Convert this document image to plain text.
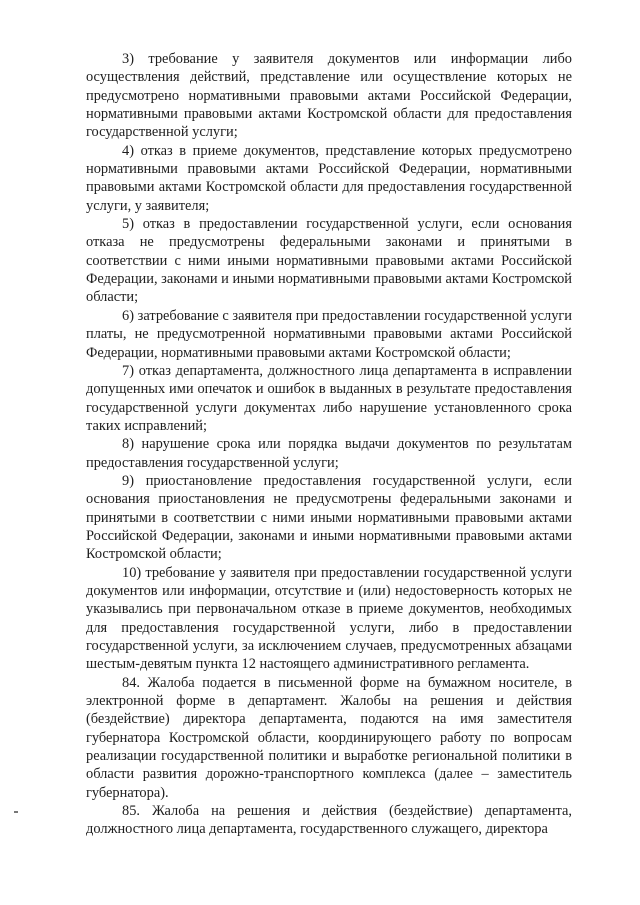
3) требование у заявителя документов или информации либо осуществления действий, представление или осуществление которых не предусмотрено нормативными правовыми актами Российской Федерации, нормативными правовыми актами Костромской области для предоставления государственной услуги;

4) отказ в приеме документов, представление которых предусмотрено нормативными правовыми актами Российской Федерации, нормативными правовыми актами Костромской области для предоставления государственной услуги, у заявителя;

5) отказ в предоставлении государственной услуги, если основания отказа не предусмотрены федеральными законами и принятыми в соответствии с ними иными нормативными правовыми актами Российской Федерации, законами и иными нормативными правовыми актами Костромской области;

6) затребование с заявителя при предоставлении государственной услуги платы, не предусмотренной нормативными правовыми актами Российской Федерации, нормативными правовыми актами Костромской области;

7) отказ департамента, должностного лица департамента в исправлении допущенных ими опечаток и ошибок в выданных в результате предоставления государственной услуги документах либо нарушение установленного срока таких исправлений;

8) нарушение срока или порядка выдачи документов по результатам предоставления государственной услуги;

9) приостановление предоставления государственной услуги, если основания приостановления не предусмотрены федеральными законами и принятыми в соответствии с ними иными нормативными правовыми актами Российской Федерации, законами и иными нормативными правовыми актами Костромской области;

10) требование у заявителя при предоставлении государственной услуги документов или информации, отсутствие и (или) недостоверность которых не указывались при первоначальном отказе в приеме документов, необходимых для предоставления государственной услуги, либо в предоставлении государственной услуги, за исключением случаев, предусмотренных абзацами шестым-девятым пункта 12 настоящего административного регламента.

84. Жалоба подается в письменной форме на бумажном носителе, в электронной форме в департамент. Жалобы на решения и действия (бездействие) директора департамента, подаются на имя заместителя губернатора Костромской области, координирующего работу по вопросам реализации государственной политики и выработке региональной политики в области развития дорожно-транспортного комплекса (далее – заместитель губернатора).

85. Жалоба на решения и действия (бездействие) департамента, должностного лица департамента, государственного служащего, директора
